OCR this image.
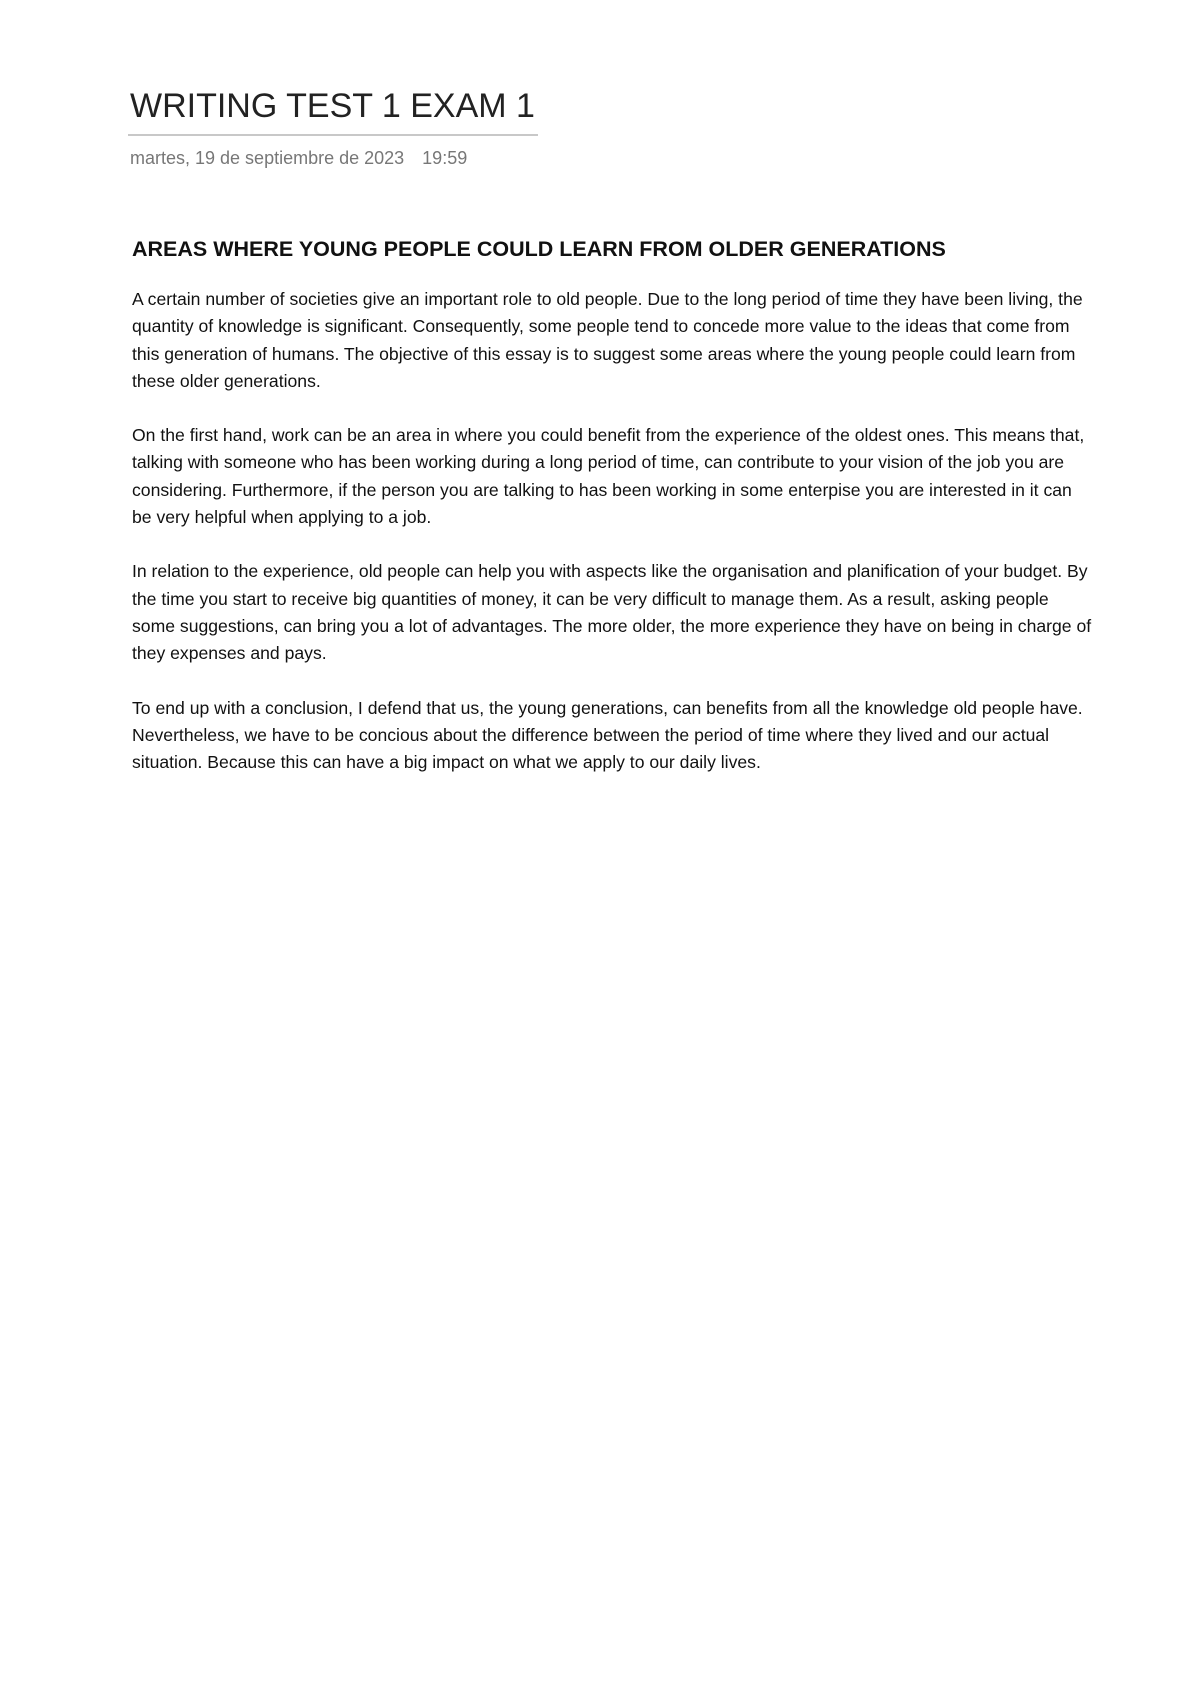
WRITING TEST 1 EXAM 1
martes, 19 de septiembre de 2023 19:59
AREAS WHERE YOUNG PEOPLE COULD LEARN FROM OLDER GENERATIONS

A certain number of societies give an important role to old people. Due to the long period of time they have been living, the quantity of knowledge is significant. Consequently, some people tend to concede more value to the ideas that come from this generation of humans. The objective of this essay is to suggest some areas where the young people could learn from these older generations.

On the first hand, work can be an area in where you could benefit from the experience of the oldest ones. This means that, talking with someone who has been working during a long period of time, can contribute to your vision of the job you are considering. Furthermore, if the person you are talking to has been working in some enterpise you are interested in it can be very helpful when applying to a job.

In relation to the experience, old people can help you with aspects like the organisation and planification of your budget. By the time you start to receive big quantities of money, it can be very difficult to manage them. As a result, asking people some suggestions, can bring you a lot of advantages. The more older, the more experience they have on being in charge of they expenses and pays.

To end up with a conclusion, I defend that us, the young generations, can benefits from all the knowledge old people have. Nevertheless, we have to be concious about the difference between the period of time where they lived and our actual situation. Because this can have a big impact on what we apply to our daily lives.
